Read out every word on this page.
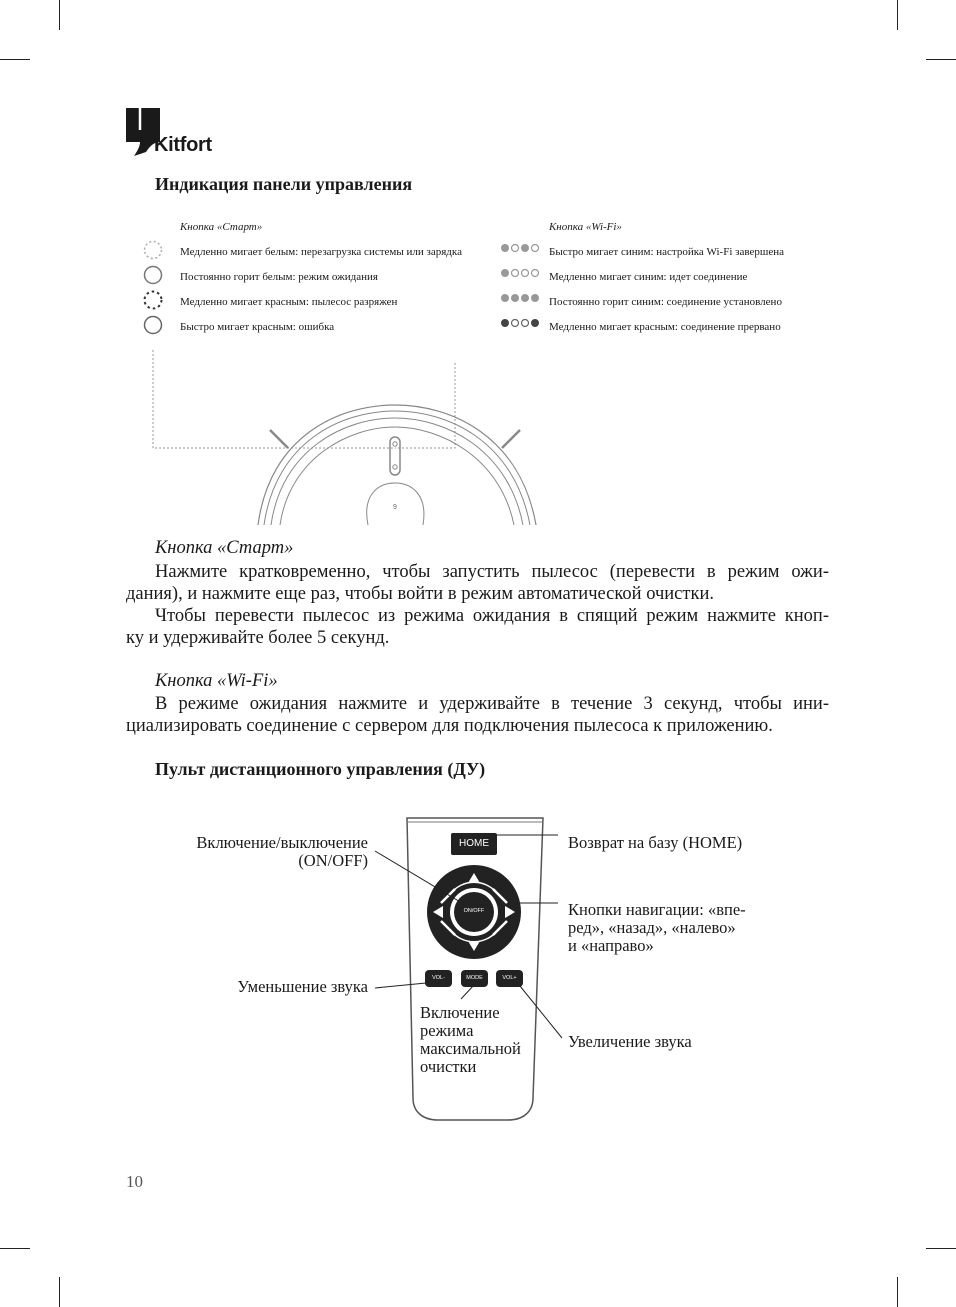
Kitfort
Индикация панели управления
Кнопка «Старт»
Медленно мигает белым: перезагрузка системы или зарядка
Постоянно горит белым: режим ожидания
Медленно мигает красным: пылесос разряжен
Быстро мигает красным: ошибка
Кнопка «Wi-Fi»
Быстро мигает синим: настройка Wi-Fi завершена
Медленно мигает синим: идет соединение
Постоянно горит синим: соединение установлено
Медленно мигает красным: соединение прервано
9
Кнопка «Старт»
Нажмите кратковременно, чтобы запустить пылесос (перевести в режим ожи-
дания), и нажмите еще раз, чтобы войти в режим автоматической очистки.
Чтобы перевести пылесос из режима ожидания в спящий режим нажмите кноп-
ку и удерживайте более 5 секунд.
Кнопка «Wi-Fi»
В режиме ожидания нажмите и удерживайте в течение 3 секунд, чтобы ини-
циализировать соединение с сервером для подключения пылесоса к приложению.
Пульт дистанционного управления (ДУ)
HOME
ON/OFF
VOL-	MODE	VOL+
Включение/выключение
(ON/OFF)
Возврат на базу (HOME)
Кнопки навигации: «впе-
ред», «назад», «налево»
и «направо»
Уменьшение звука
Включение
режима
максимальной
очистки
Увеличение звука
10
